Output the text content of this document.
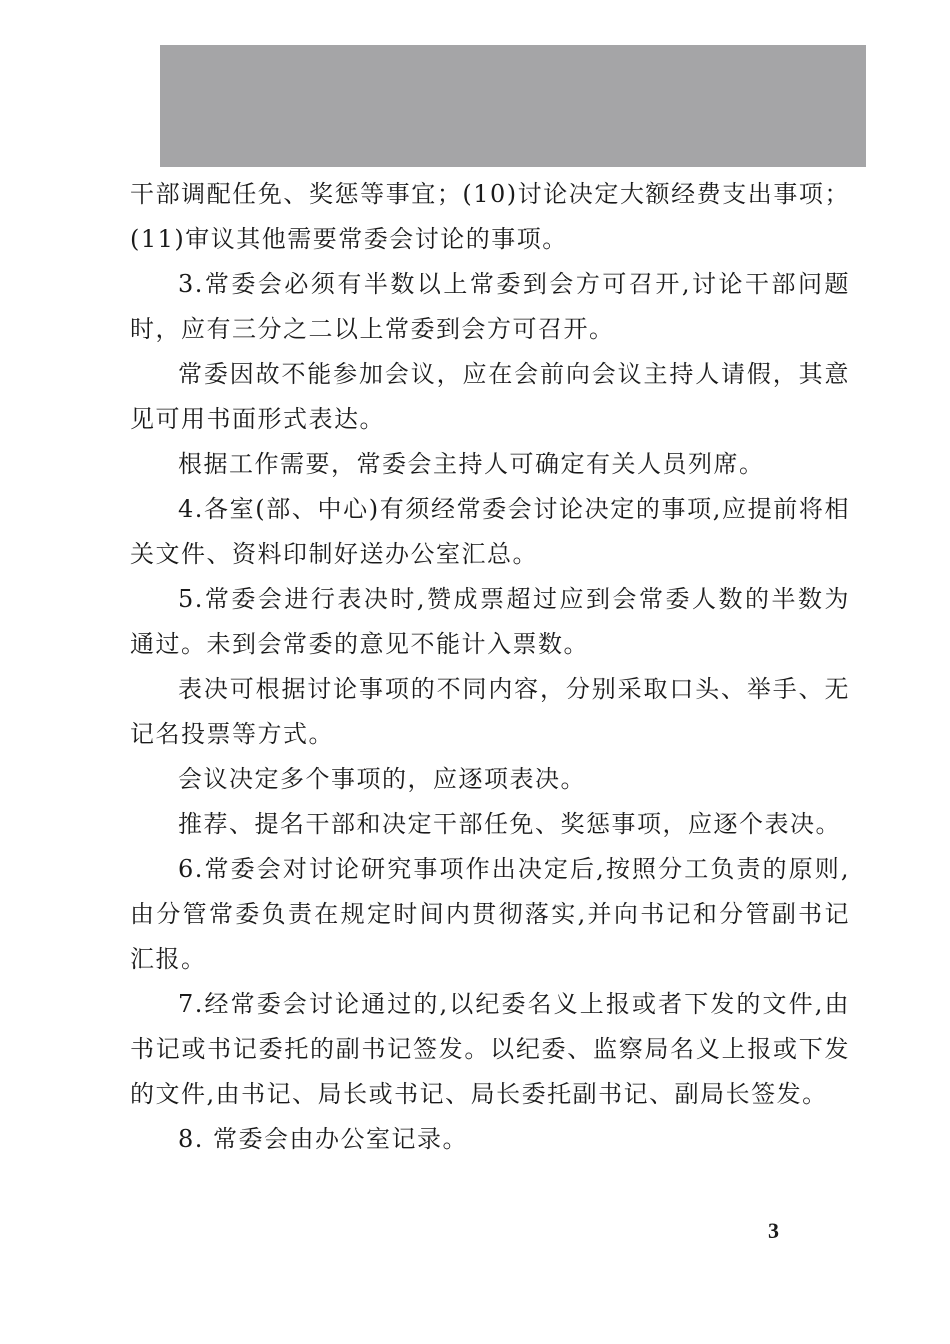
干部调配任免、奖惩等事宜；(10)讨论决定大额经费支出事项；(11)审议其他需要常委会讨论的事项。

3.常委会必须有半数以上常委到会方可召开,讨论干部问题时，应有三分之二以上常委到会方可召开。

常委因故不能参加会议，应在会前向会议主持人请假，其意见可用书面形式表达。

根据工作需要，常委会主持人可确定有关人员列席。

4.各室(部、中心)有须经常委会讨论决定的事项,应提前将相关文件、资料印制好送办公室汇总。

5.常委会进行表决时,赞成票超过应到会常委人数的半数为通过。未到会常委的意见不能计入票数。

表决可根据讨论事项的不同内容，分别采取口头、举手、无记名投票等方式。

会议决定多个事项的，应逐项表决。

推荐、提名干部和决定干部任免、奖惩事项，应逐个表决。

6.常委会对讨论研究事项作出决定后,按照分工负责的原则,由分管常委负责在规定时间内贯彻落实,并向书记和分管副书记汇报。

7.经常委会讨论通过的,以纪委名义上报或者下发的文件,由书记或书记委托的副书记签发。以纪委、监察局名义上报或下发的文件,由书记、局长或书记、局长委托副书记、副局长签发。

8. 常委会由办公室记录。

3
